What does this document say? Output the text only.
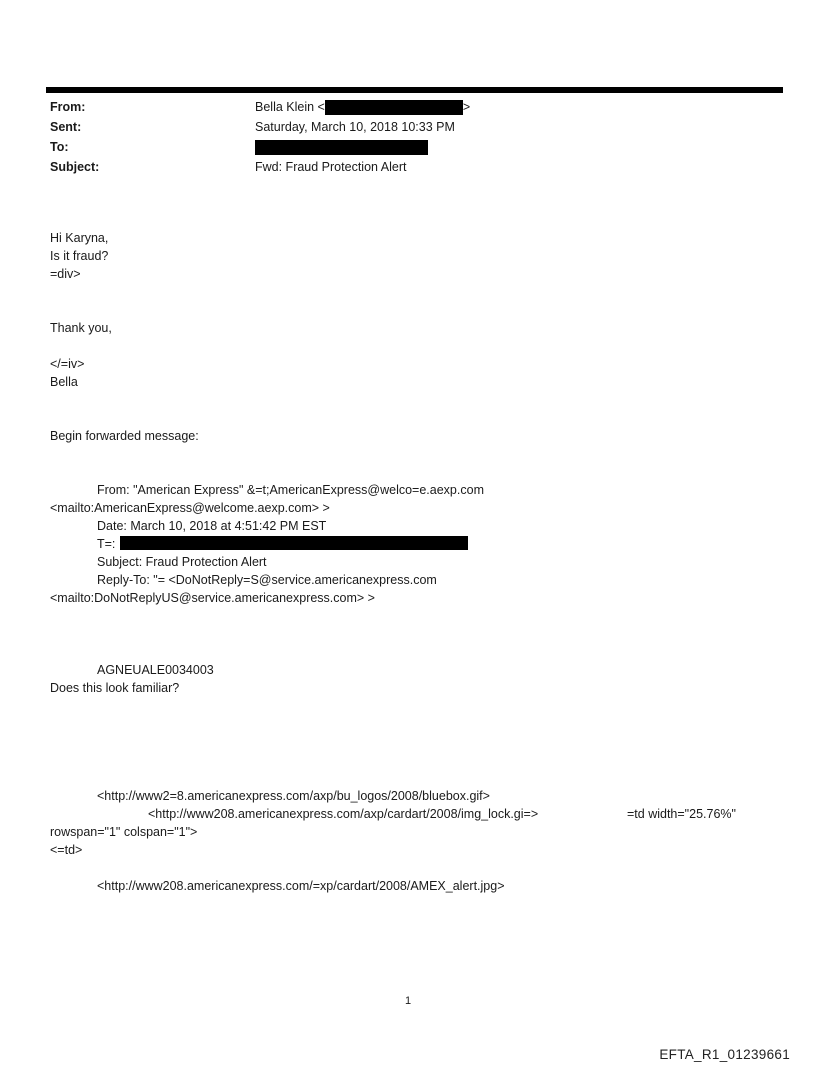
From:	Bella Klein <	>
Sent:	Saturday, March 10, 2018 10:33 PM
To:
Subject:	Fwd: Fraud Protection Alert
Hi Karyna,
Is it fraud?
=div>
Thank you,
</=iv>
Bella
Begin forwarded message:
From: "American Express" &=t;AmericanExpress@welco=e.aexp.com
<mailto:AmericanExpress@welcome.aexp.com> >
Date: March 10, 2018 at 4:51:42 PM EST
T=:
Subject: Fraud Protection Alert
Reply-To: "= <DoNotReply=S@service.americanexpress.com
<mailto:DoNotReplyUS@service.americanexpress.com> >
AGNEUALE0034003
Does this look familiar?
<http://www2=8.americanexpress.com/axp/bu_logos/2008/bluebox.gif>
<http://www208.americanexpress.com/axp/cardart/2008/img_lock.gi=>	=td width="25.76%"
rowspan="1" colspan="1">
<=td>
<http://www208.americanexpress.com/=xp/cardart/2008/AMEX_alert.jpg>
1
EFTA_R1_01239661
